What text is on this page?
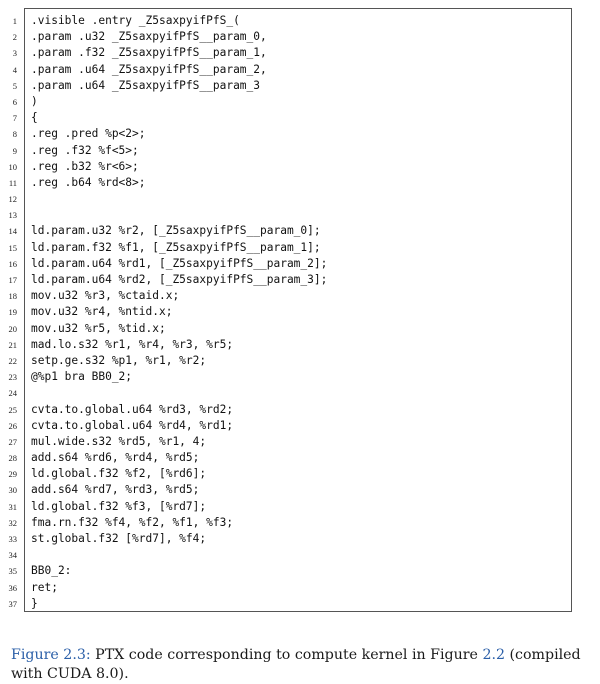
1 .visible .entry _Z5saxpyifPfS_(
2 .param .u32 _Z5saxpyifPfS__param_0,
3 .param .f32 _Z5saxpyifPfS__param_1,
4 .param .u64 _Z5saxpyifPfS__param_2,
5 .param .u64 _Z5saxpyifPfS__param_3
6 )
7 {
8 .reg .pred %p<2>;
9 .reg .f32 %f<5>;
10 .reg .b32 %r<6>;
11 .reg .b64 %rd<8>;
12
13
14 ld.param.u32 %r2, [_Z5saxpyifPfS__param_0];
15 ld.param.f32 %f1, [_Z5saxpyifPfS__param_1];
16 ld.param.u64 %rd1, [_Z5saxpyifPfS__param_2];
17 ld.param.u64 %rd2, [_Z5saxpyifPfS__param_3];
18 mov.u32 %r3, %ctaid.x;
19 mov.u32 %r4, %ntid.x;
20 mov.u32 %r5, %tid.x;
21 mad.lo.s32 %r1, %r4, %r3, %r5;
22 setp.ge.s32 %p1, %r1, %r2;
23 @%p1 bra BB0_2;
24
25 cvta.to.global.u64 %rd3, %rd2;
26 cvta.to.global.u64 %rd4, %rd1;
27 mul.wide.s32 %rd5, %r1, 4;
28 add.s64 %rd6, %rd4, %rd5;
29 ld.global.f32 %f2, [%rd6];
30 add.s64 %rd7, %rd3, %rd5;
31 ld.global.f32 %f3, [%rd7];
32 fma.rn.f32 %f4, %f2, %f1, %f3;
33 st.global.f32 [%rd7], %f4;
34
35 BB0_2:
36 ret;
37 }

Figure 2.3: PTX code corresponding to compute kernel in Figure 2.2 (compiled with CUDA 8.0).
